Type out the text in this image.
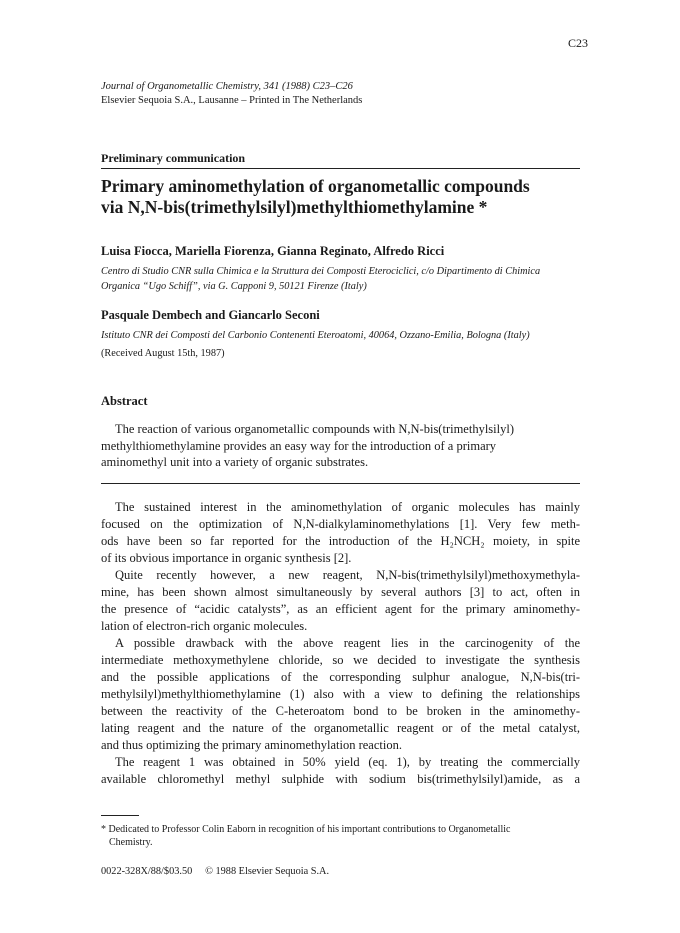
C23
Journal of Organometallic Chemistry, 341 (1988) C23–C26
Elsevier Sequoia S.A., Lausanne – Printed in The Netherlands
Preliminary communication
Primary aminomethylation of organometallic compounds
via N,N-bis(trimethylsilyl)methylthiomethylamine *
Luisa Fiocca, Mariella Fiorenza, Gianna Reginato, Alfredo Ricci
Centro di Studio CNR sulla Chimica e la Struttura dei Composti Eterociclici, c/o Dipartimento di Chimica
Organica “Ugo Schiff”, via G. Capponi 9, 50121 Firenze (Italy)
Pasquale Dembech and Giancarlo Seconi
Istituto CNR dei Composti del Carbonio Contenenti Eteroatomi, 40064, Ozzano-Emilia, Bologna (Italy)
(Received August 15th, 1987)
Abstract
The reaction of various organometallic compounds with N,N-bis(trimethylsilyl)
methylthiomethylamine provides an easy way for the introduction of a primary
aminomethyl unit into a variety of organic substrates.
The sustained interest in the aminomethylation of organic molecules has mainly
focused on the optimization of N,N-dialkylaminomethylations [1]. Very few meth-
ods have been so far reported for the introduction of the H₂NCH₂ moiety, in spite
of its obvious importance in organic synthesis [2].
Quite recently however, a new reagent, N,N-bis(trimethylsilyl)methoxymethyla-
mine, has been shown almost simultaneously by several authors [3] to act, often in
the presence of “acidic catalysts”, as an efficient agent for the primary aminomethy-
lation of electron-rich organic molecules.
A possible drawback with the above reagent lies in the carcinogenity of the
intermediate methoxymethylene chloride, so we decided to investigate the synthesis
and the possible applications of the corresponding sulphur analogue, N,N-bis(tri-
methylsilyl)methylthiomethylamine (1) also with a view to defining the relationships
between the reactivity of the C-heteroatom bond to be broken in the aminomethy-
lating reagent and the nature of the organometallic reagent or of the metal catalyst,
and thus optimizing the primary aminomethylation reaction.
The reagent 1 was obtained in 50% yield (eq. 1), by treating the commercially
available chloromethyl methyl sulphide with sodium bis(trimethylsilyl)amide, as a
* Dedicated to Professor Colin Eaborn in recognition of his important contributions to Organometallic
Chemistry.
0022-328X/88/$03.50     © 1988 Elsevier Sequoia S.A.
